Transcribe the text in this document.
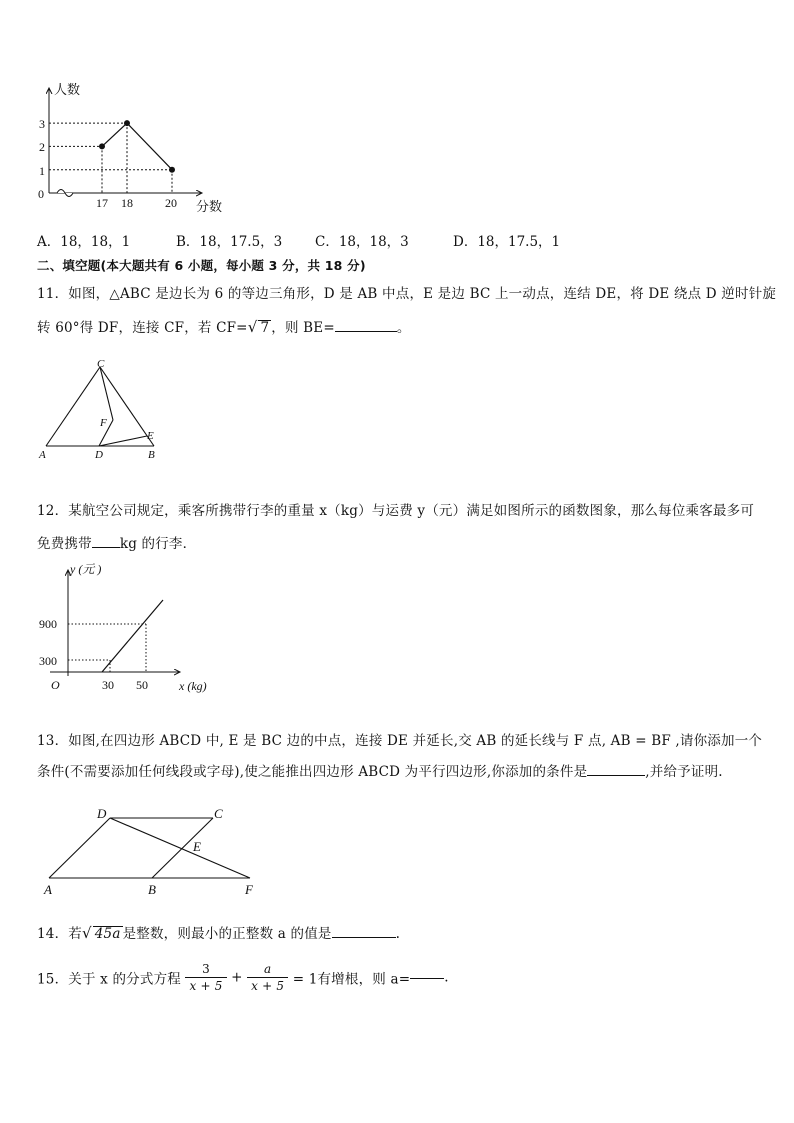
人数
分数
0
1
2
3
17 18	20
A．18，18，1	B．18，17.5，3 C．18，18，3	D．18，17.5，1
二、填空题(本大题共有 6 小题，每小题 3 分，共 18 分)
11．如图，△ABC 是边长为 6 的等边三角形，D 是 AB 中点，E 是边 BC 上一动点，连结 DE，将 DE 绕点 D 逆时针旋
转 60°得 DF，连接 CF，若 CF=√ 7 ，则 BE=	。
C
F
A	D
E
B
12．某航空公司规定，乘客所携带行李的重量 x（kg）与运费 y（元）满足如图所示的函数图象，那么每位乘客最多可
免费携带 kg 的行李．
y (元 )
x (kg)
O
900
300
30 50
13．如图,在四边形 ABCD 中, E 是 BC 边的中点，连接 DE 并延长,交 AB 的延长线与 F 点, AB = BF ,请你添加一个
条件(不需要添加任何线段或字母),使之能推出四边形 ABCD 为平行四边形,你添加的条件是	,并给予证明.
D	C
E
A	B	F
14．若√ 45a 是整数，则最小的正整数 a 的值是	.
15．关于 x 的分式方程 $\frac{3}{x + 5} + \frac{a}{x + 5} = 1$有增根，则 a=	.
